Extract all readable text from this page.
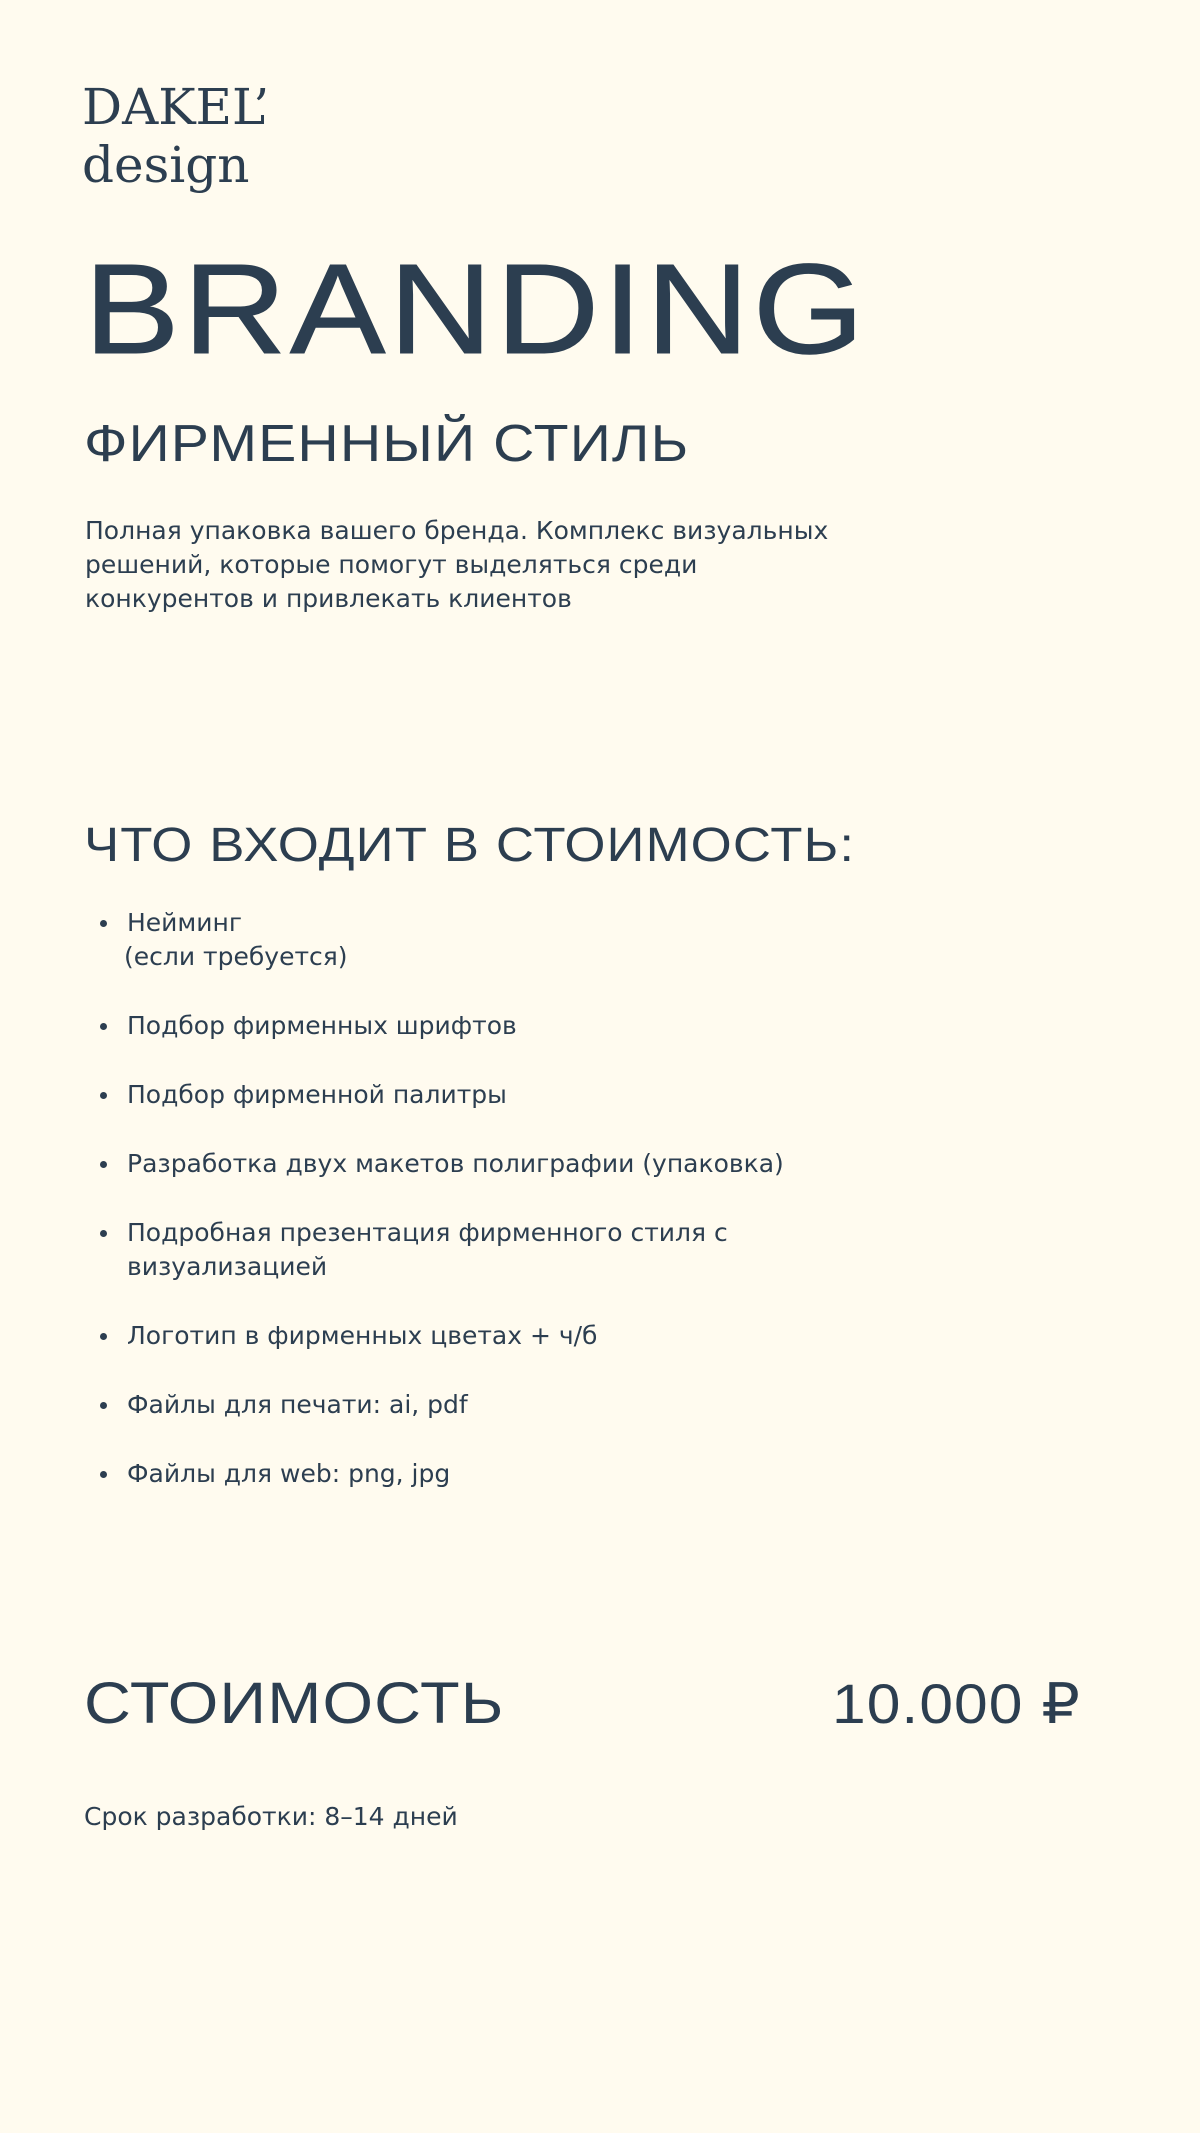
DAKEL’
design
BRANDING
ФИРМЕННЫЙ СТИЛЬ
Полная упаковка вашего бренда. Комплекс визуальных решений, которые помогут выделяться среди конкурентов и привлекать клиентов
ЧТО ВХОДИТ В СТОИМОСТЬ:
Нейминг
(если требуется)
Подбор фирменных шрифтов
Подбор фирменной палитры
Разработка двух макетов полиграфии (упаковка)
Подробная презентация фирменного стиля с визуализацией
Логотип в фирменных цветах + ч/б
Файлы для печати: ai, pdf
Файлы для web: png, jpg
СТОИМОСТЬ	10.000 ₽
Срок разработки: 8–14 дней
